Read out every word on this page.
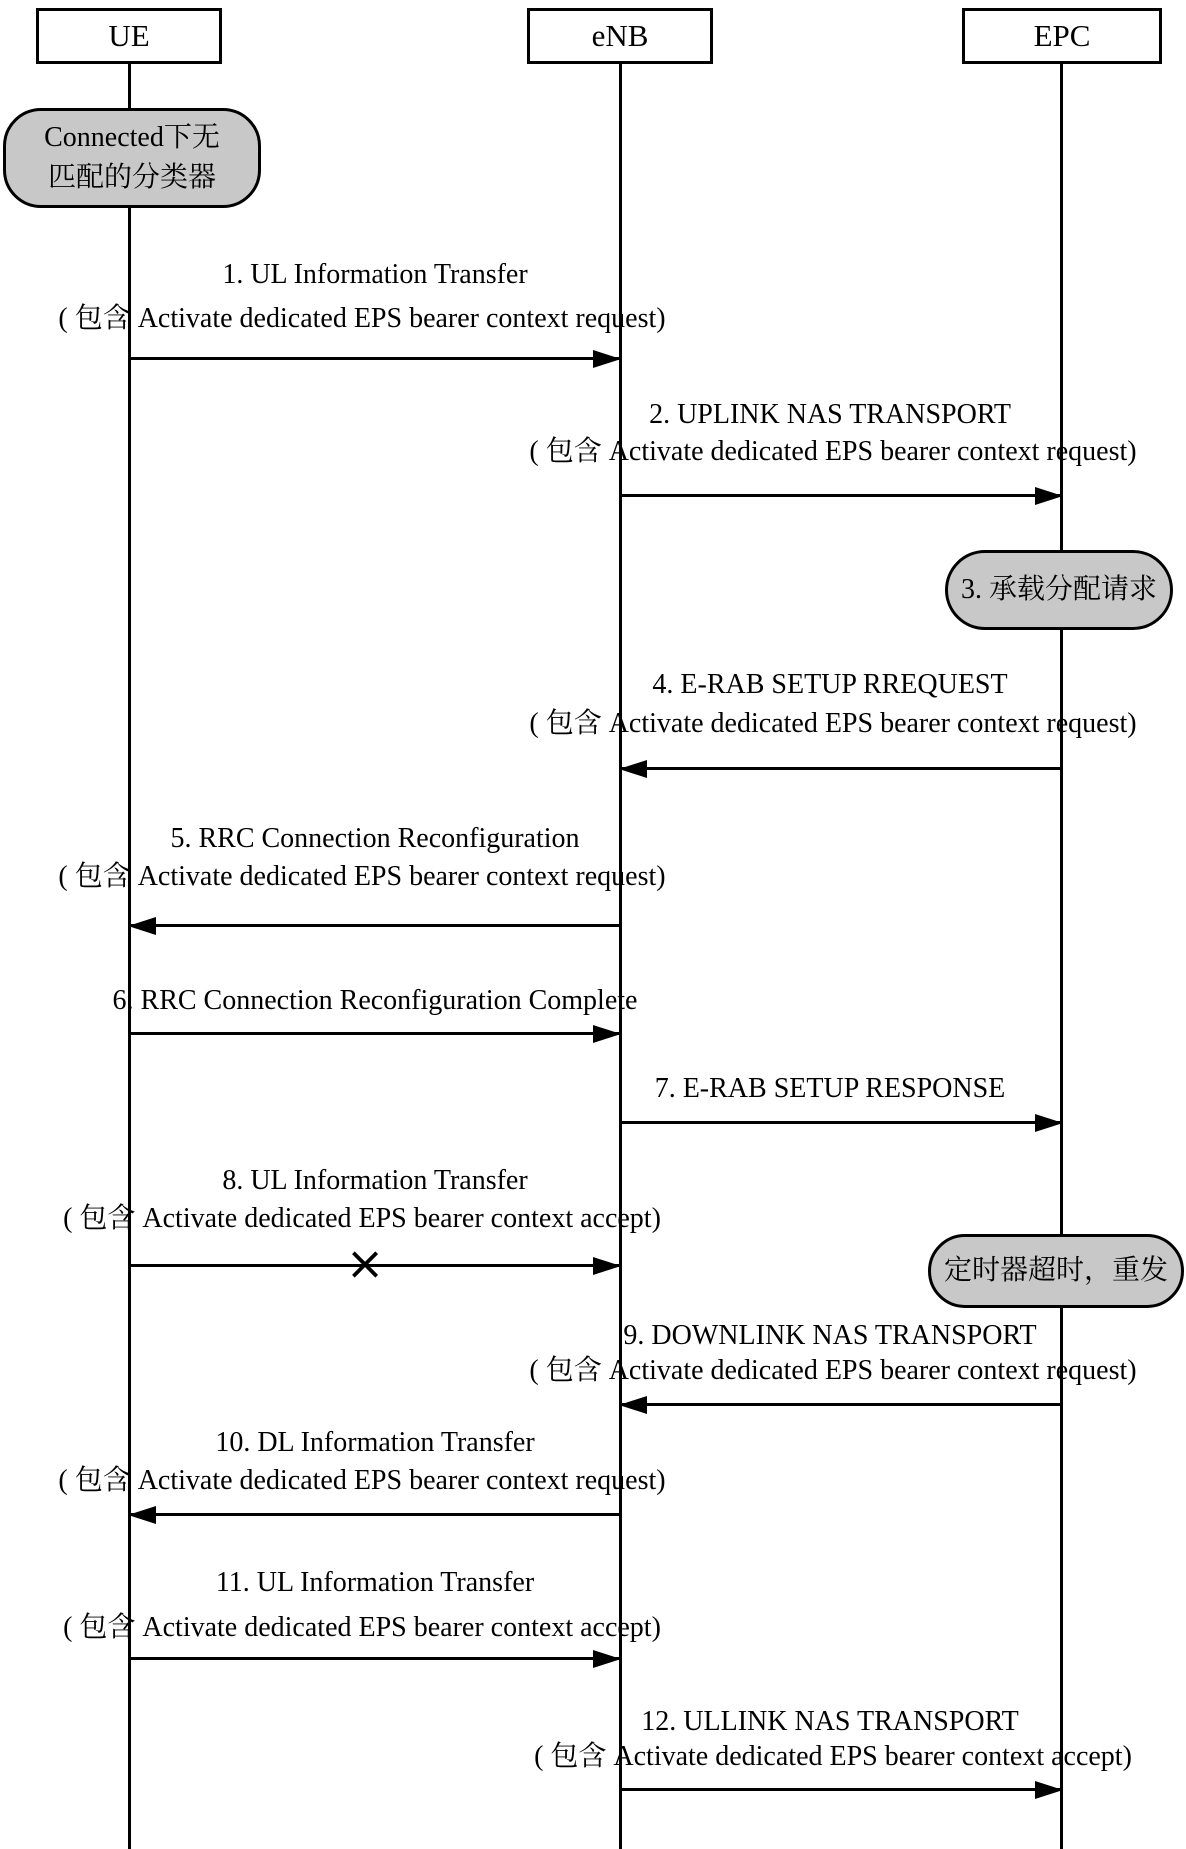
UE	eNB	EPC
Connected下无
匹配的分类器
1. UL Information Transfer
( 包含 Activate dedicated EPS bearer context request)
2. UPLINK NAS TRANSPORT
( 包含 Activate dedicated EPS bearer context request)
3. 承载分配请求
4. E-RAB SETUP RREQUEST
( 包含 Activate dedicated EPS bearer context request)
5. RRC Connection Reconfiguration
( 包含 Activate dedicated EPS bearer context request)
6. RRC Connection Reconfiguration Complete
7. E-RAB SETUP RESPONSE
8. UL Information Transfer
( 包含 Activate dedicated EPS bearer context accept)
×	定时器超时，重发
9. DOWNLINK NAS TRANSPORT
( 包含 Activate dedicated EPS bearer context request)
10. DL Information Transfer
( 包含 Activate dedicated EPS bearer context request)
11. UL Information Transfer
( 包含 Activate dedicated EPS bearer context accept)
12. ULLINK NAS TRANSPORT
( 包含 Activate dedicated EPS bearer context accept)
